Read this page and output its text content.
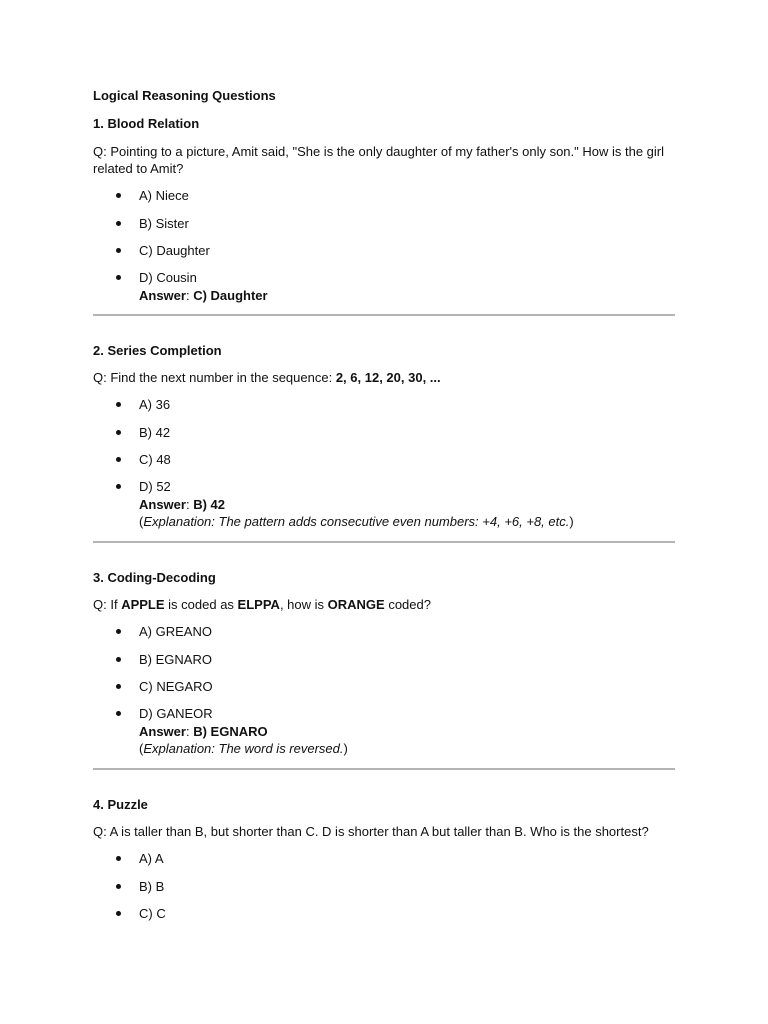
Logical Reasoning Questions
1. Blood Relation
Q: Pointing to a picture, Amit said, "She is the only daughter of my father's only son." How is the girl
related to Amit?
A) Niece
B) Sister
C) Daughter
D) Cousin
Answer: C) Daughter
2. Series Completion
Q: Find the next number in the sequence: 2, 6, 12, 20, 30, ...
A) 36
B) 42
C) 48
D) 52
Answer: B) 42
(Explanation: The pattern adds consecutive even numbers: +4, +6, +8, etc.)
3. Coding-Decoding
Q: If APPLE is coded as ELPPA, how is ORANGE coded?
A) GREANO
B) EGNARO
C) NEGARO
D) GANEOR
Answer: B) EGNARO
(Explanation: The word is reversed.)
4. Puzzle
Q: A is taller than B, but shorter than C. D is shorter than A but taller than B. Who is the shortest?
A) A
B) B
C) C
